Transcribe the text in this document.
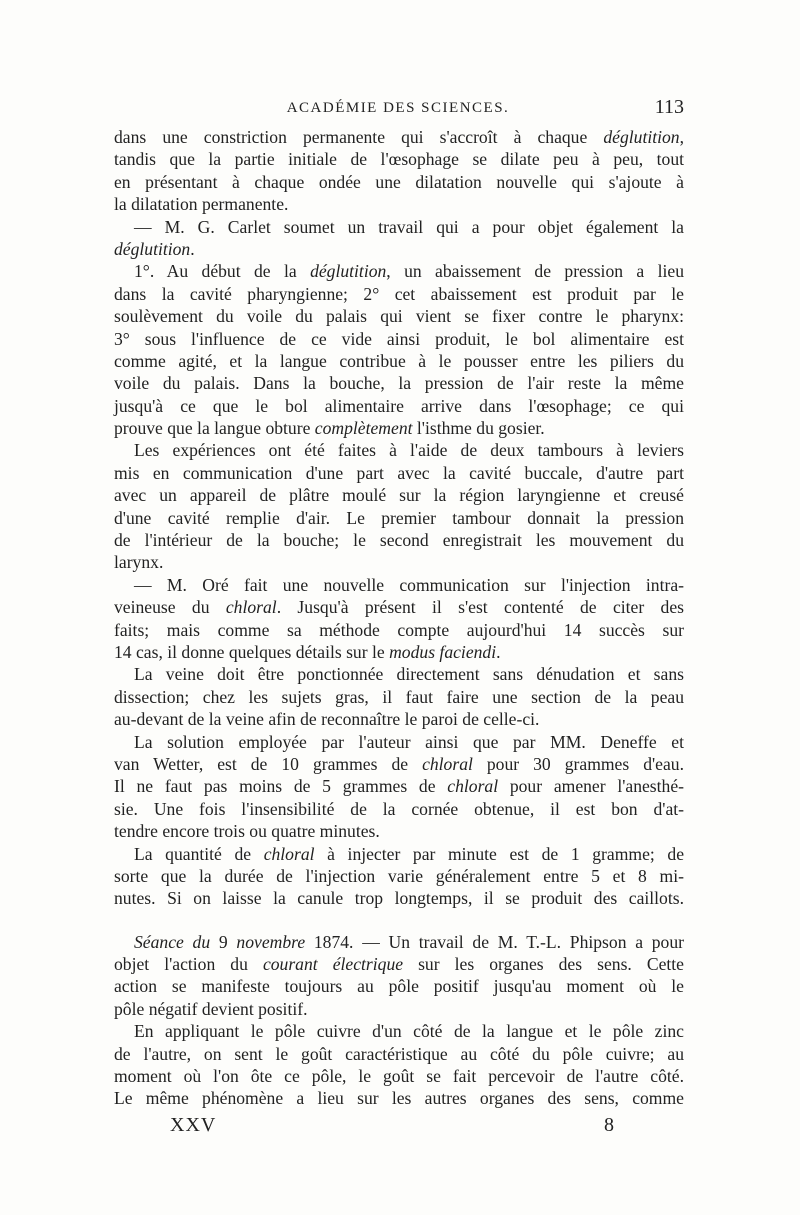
ACADÉMIE DES SCIENCES.	113
dans une constriction permanente qui s'accroît à chaque déglutition,
tandis que la partie initiale de l'œsophage se dilate peu à peu, tout
en présentant à chaque ondée une dilatation nouvelle qui s'ajoute à
la dilatation permanente.
— M. G. Carlet soumet un travail qui a pour objet également la
déglutition.
1°. Au début de la déglutition, un abaissement de pression a lieu
dans la cavité pharyngienne; 2° cet abaissement est produit par le
soulèvement du voile du palais qui vient se fixer contre le pharynx:
3° sous l'influence de ce vide ainsi produit, le bol alimentaire est
comme agité, et la langue contribue à le pousser entre les piliers du
voile du palais. Dans la bouche, la pression de l'air reste la même
jusqu'à ce que le bol alimentaire arrive dans l'œsophage; ce qui
prouve que la langue obture complètement l'isthme du gosier.
Les expériences ont été faites à l'aide de deux tambours à leviers
mis en communication d'une part avec la cavité buccale, d'autre part
avec un appareil de plâtre moulé sur la région laryngienne et creusé
d'une cavité remplie d'air. Le premier tambour donnait la pression
de l'intérieur de la bouche; le second enregistrait les mouvement du
larynx.
— M. Oré fait une nouvelle communication sur l'injection intra-
veineuse du chloral. Jusqu'à présent il s'est contenté de citer des
faits; mais comme sa méthode compte aujourd'hui 14 succès sur
14 cas, il donne quelques détails sur le modus faciendi.
La veine doit être ponctionnée directement sans dénudation et sans
dissection; chez les sujets gras, il faut faire une section de la peau
au-devant de la veine afin de reconnaître le paroi de celle-ci.
La solution employée par l'auteur ainsi que par MM. Deneffe et
van Wetter, est de 10 grammes de chloral pour 30 grammes d'eau.
Il ne faut pas moins de 5 grammes de chloral pour amener l'anesthé-
sie. Une fois l'insensibilité de la cornée obtenue, il est bon d'at-
tendre encore trois ou quatre minutes.
La quantité de chloral à injecter par minute est de 1 gramme; de
sorte que la durée de l'injection varie généralement entre 5 et 8 mi-
nutes. Si on laisse la canule trop longtemps, il se produit des caillots.
Séance du 9 novembre 1874. — Un travail de M. T.-L. Phipson a pour
objet l'action du courant électrique sur les organes des sens. Cette
action se manifeste toujours au pôle positif jusqu'au moment où le
pôle négatif devient positif.
En appliquant le pôle cuivre d'un côté de la langue et le pôle zinc
de l'autre, on sent le goût caractéristique au côté du pôle cuivre; au
moment où l'on ôte ce pôle, le goût se fait percevoir de l'autre côté.
Le même phénomène a lieu sur les autres organes des sens, comme
XXV	8
